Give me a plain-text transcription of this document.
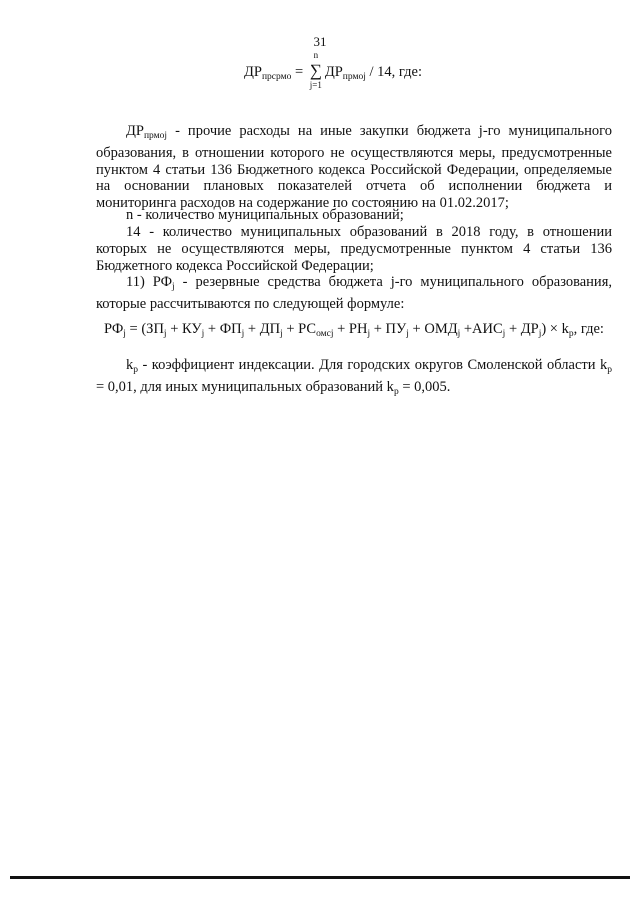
31
$ДР_{прсрмо}$ =
n
∑
j=1
$ДР_{прмоj} / 14$, где:

$ДР_{прмоj}$ - прочие расходы на иные закупки бюджета j-го муниципального образования, в отношении которого не осуществляются меры, предусмотренные пунктом 4 статьи 136 Бюджетного кодекса Российской Федерации, определяемые на основании плановых показателей отчета об исполнении бюджета и мониторинга расходов на содержание по состоянию на 01.02.2017;

n - количество муниципальных образований;

14 - количество муниципальных образований в 2018 году, в отношении которых не осуществляются меры, предусмотренные пунктом 4 статьи 136 Бюджетного кодекса Российской Федерации;

11) $РФ_j$ - резервные средства бюджета j-го муниципального образования, которые рассчитываются по следующей формуле:

$РФ_j = (ЗП_j + КУ_j + ФП_j + ДП_j + РС_{омсj} + РН_j + ПУ_j + ОМД_j +АИС_j + ДР_j) \times k_р$, где:

$k_р$ - коэффициент индексации. Для городских округов Смоленской области $k_р = 0,01$, для иных муниципальных образований $k_р = 0,005$.
